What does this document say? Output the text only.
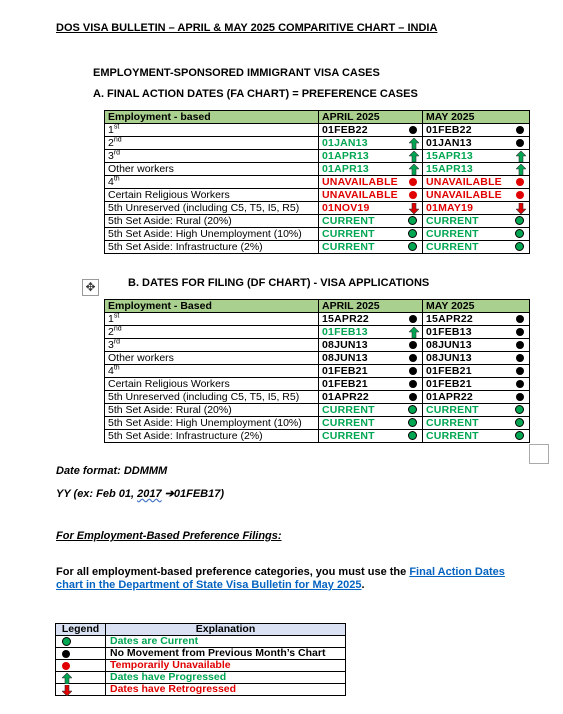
DOS VISA BULLETIN – APRIL & MAY 2025 COMPARITIVE CHART – INDIA
EMPLOYMENT-SPONSORED IMMIGRANT VISA CASES
A. FINAL ACTION DATES (FA CHART) = PREFERENCE CASES
Employment - based	APRIL 2025	MAY 2025
1st	01FEB22	01FEB22

2nd	01JAN13	01JAN13

3rd	01APR13	15APR13

Other workers	01APR13	15APR13

4th	UNAVAILABLE	UNAVAILABLE

Certain Religious Workers	UNAVAILABLE	UNAVAILABLE

5th Unreserved (including C5, T5, I5, R5)	01NOV19	01MAY19

5th Set Aside: Rural (20%)	CURRENT	CURRENT

5th Set Aside: High Unemployment (10%)	CURRENT	CURRENT

5th Set Aside: Infrastructure (2%)	CURRENT	CURRENT
✥	B. DATES FOR FILING (DF CHART) - VISA APPLICATIONS
Employment - Based	APRIL 2025	MAY 2025
1st	15APR22	15APR22

2nd	01FEB13	01FEB13

3rd	08JUN13	08JUN13

Other workers	08JUN13	08JUN13

4th	01FEB21	01FEB21

Certain Religious Workers	01FEB21	01FEB21

5th Unreserved (including C5, T5, I5, R5)	01APR22	01APR22

5th Set Aside: Rural (20%)	CURRENT	CURRENT

5th Set Aside: High Unemployment (10%)	CURRENT	CURRENT

5th Set Aside: Infrastructure (2%)	CURRENT	CURRENT
Date format: DDMMM
YY (ex: Feb 01, 2017 ➔01FEB17)
For Employment-Based Preference Filings:
For all employment-based preference categories, you must use the Final Action Dates chart in the Department of State Visa Bulletin for May 2025.
Legend	Explanation

	Dates are Current

	No Movement from Previous Month’s Chart

	Temporarily Unavailable

	Dates have Progressed

	Dates have Retrogressed
